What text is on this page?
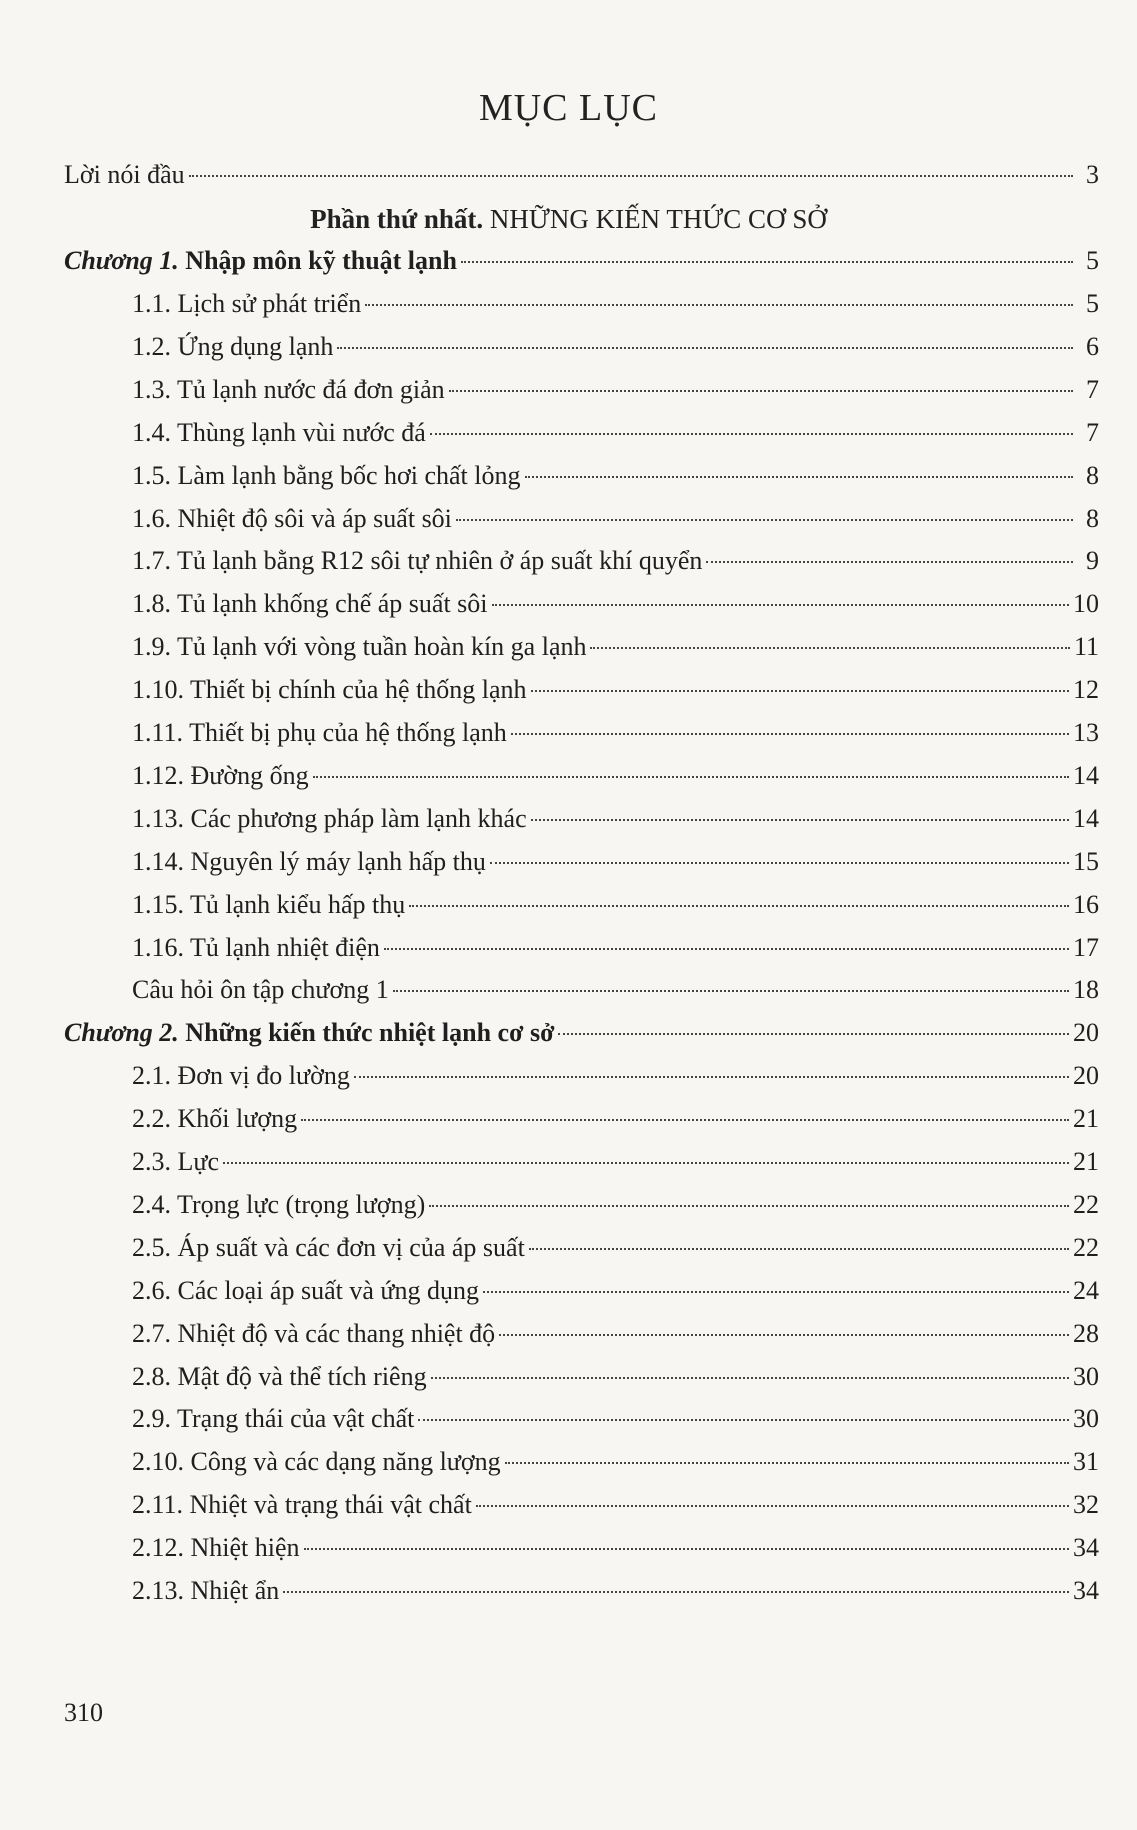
MỤC LỤC
Lời nói đầu	3
Phần thứ nhất. NHỮNG KIẾN THỨC CƠ SỞ
Chương 1. Nhập môn kỹ thuật lạnh	5
1.1. Lịch sử phát triển	5
1.2. Ứng dụng lạnh	6
1.3. Tủ lạnh nước đá đơn giản	7
1.4. Thùng lạnh vùi nước đá	7
1.5. Làm lạnh bằng bốc hơi chất lỏng	8
1.6. Nhiệt độ sôi và áp suất sôi	8
1.7. Tủ lạnh bằng R12 sôi tự nhiên ở áp suất khí quyển	9
1.8. Tủ lạnh khống chế áp suất sôi	10
1.9. Tủ lạnh với vòng tuần hoàn kín ga lạnh	11
1.10. Thiết bị chính của hệ thống lạnh	12
1.11. Thiết bị phụ của hệ thống lạnh	13
1.12. Đường ống	14
1.13. Các phương pháp làm lạnh khác	14
1.14. Nguyên lý máy lạnh hấp thụ	15
1.15. Tủ lạnh kiểu hấp thụ	16
1.16. Tủ lạnh nhiệt điện	17
Câu hỏi ôn tập chương 1	18
Chương 2. Những kiến thức nhiệt lạnh cơ sở	20
2.1. Đơn vị đo lường	20
2.2. Khối lượng	21
2.3. Lực	21
2.4. Trọng lực (trọng lượng)	22
2.5. Áp suất và các đơn vị của áp suất	22
2.6. Các loại áp suất và ứng dụng	24
2.7. Nhiệt độ và các thang nhiệt độ	28
2.8. Mật độ và thể tích riêng	30
2.9. Trạng thái của vật chất	30
2.10. Công và các dạng năng lượng	31
2.11. Nhiệt và trạng thái vật chất	32
2.12. Nhiệt hiện	34
2.13. Nhiệt ẩn	34
310
